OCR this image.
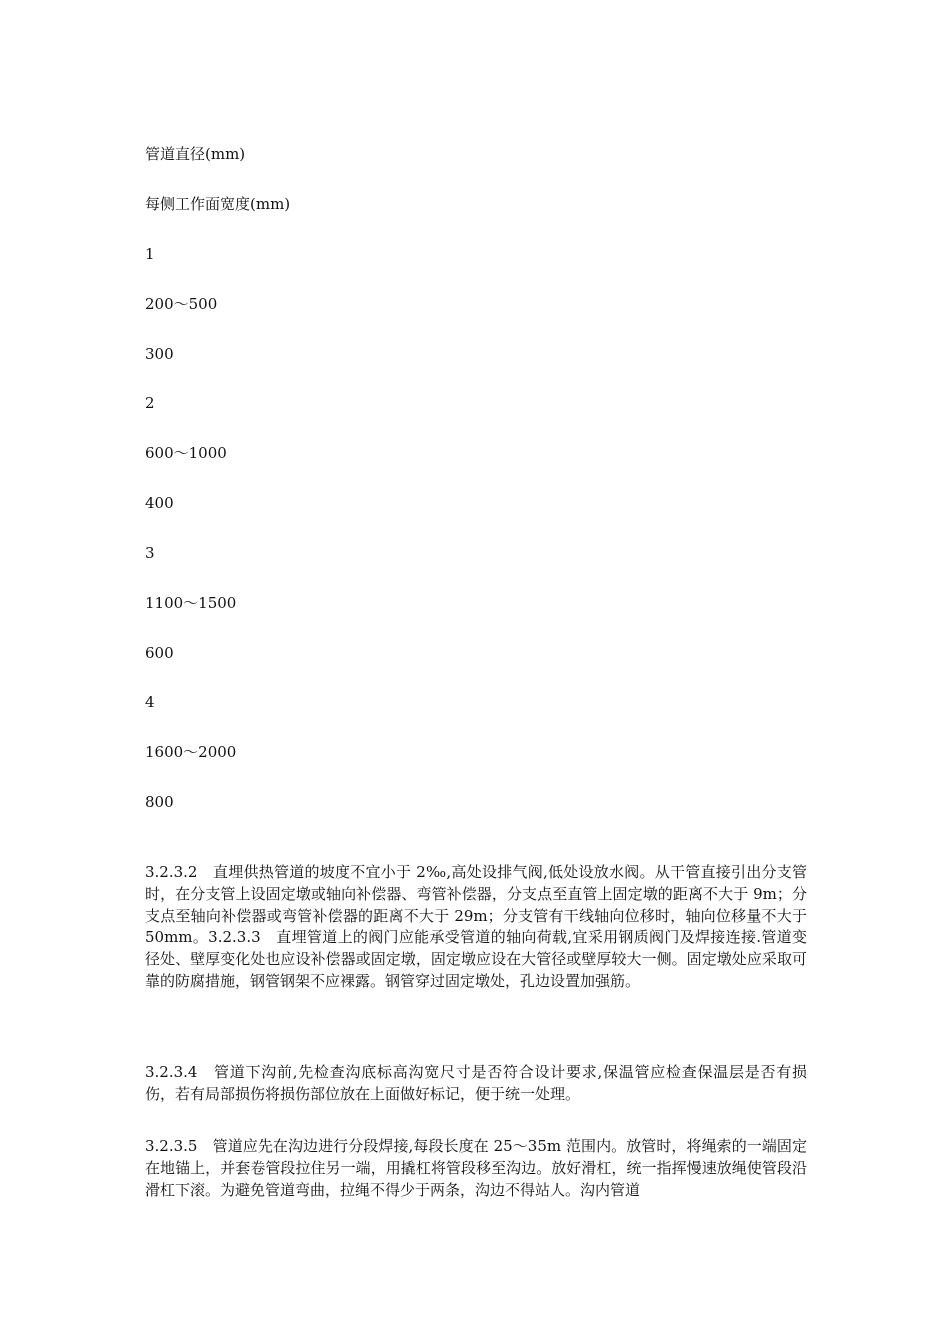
管道直径(mm)

每侧工作面宽度(mm)

1

200～500

300

2

600～1000

400

3

1100～1500

600

4

1600～2000

800

3.2.3.2　直埋供热管道的坡度不宜小于 2‰,高处设排气阀,低处设放水阀。从干管直接引出分支管时，在分支管上设固定墩或轴向补偿器、弯管补偿器，分支点至直管上固定墩的距离不大于 9m；分支点至轴向补偿器或弯管补偿器的距离不大于 29m；分支管有干线轴向位移时，轴向位移量不大于 50mm。3.2.3.3　直埋管道上的阀门应能承受管道的轴向荷载,宜采用钢质阀门及焊接连接.管道变径处、壁厚变化处也应设补偿器或固定墩，固定墩应设在大管径或壁厚较大一侧。固定墩处应采取可靠的防腐措施，钢管钢架不应裸露。钢管穿过固定墩处，孔边设置加强筋。

3.2.3.4　管道下沟前,先检查沟底标高沟宽尺寸是否符合设计要求,保温管应检查保温层是否有损伤，若有局部损伤将损伤部位放在上面做好标记，便于统一处理。

3.2.3.5　管道应先在沟边进行分段焊接,每段长度在 25～35m 范围内。放管时，将绳索的一端固定在地锚上，并套卷管段拉住另一端，用撬杠将管段移至沟边。放好滑杠，统一指挥慢速放绳使管段沿滑杠下滚。为避免管道弯曲，拉绳不得少于两条，沟边不得站人。沟内管道
